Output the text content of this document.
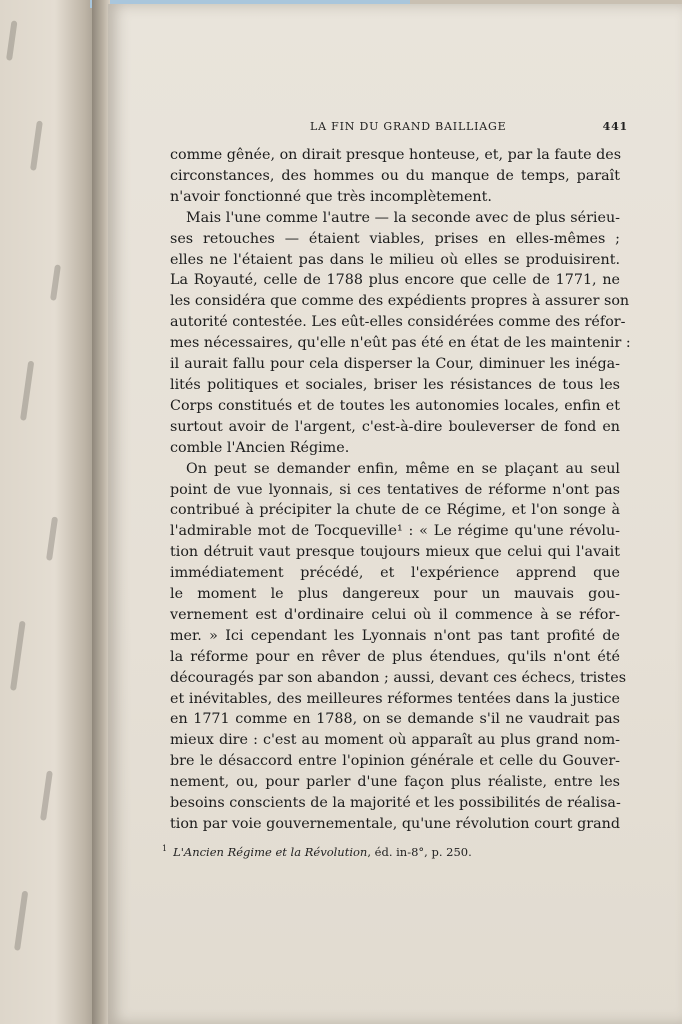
LA FIN DU GRAND BAILLIAGE	441
comme gênée, on dirait presque honteuse, et, par la faute des
circonstances, des hommes ou du manque de temps, paraît
n'avoir fonctionné que très incomplètement.
Mais l'une comme l'autre — la seconde avec de plus sérieu-
ses retouches — étaient viables, prises en elles-mêmes ;
elles ne l'étaient pas dans le milieu où elles se produisirent.
La Royauté, celle de 1788 plus encore que celle de 1771, ne
les considéra que comme des expédients propres à assurer son
autorité contestée. Les eût-elles considérées comme des réfor-
mes nécessaires, qu'elle n'eût pas été en état de les maintenir :
il aurait fallu pour cela disperser la Cour, diminuer les inéga-
lités politiques et sociales, briser les résistances de tous les
Corps constitués et de toutes les autonomies locales, enfin et
surtout avoir de l'argent, c'est-à-dire bouleverser de fond en
comble l'Ancien Régime.
On peut se demander enfin, même en se plaçant au seul
point de vue lyonnais, si ces tentatives de réforme n'ont pas
contribué à précipiter la chute de ce Régime, et l'on songe à
l'admirable mot de Tocqueville¹ : « Le régime qu'une révolu-
tion détruit vaut presque toujours mieux que celui qui l'avait
immédiatement précédé, et l'expérience apprend que
le moment le plus dangereux pour un mauvais gou-
vernement est d'ordinaire celui où il commence à se réfor-
mer. » Ici cependant les Lyonnais n'ont pas tant profité de
la réforme pour en rêver de plus étendues, qu'ils n'ont été
découragés par son abandon ; aussi, devant ces échecs, tristes
et inévitables, des meilleures réformes tentées dans la justice
en 1771 comme en 1788, on se demande s'il ne vaudrait pas
mieux dire : c'est au moment où apparaît au plus grand nom-
bre le désaccord entre l'opinion générale et celle du Gouver-
nement, ou, pour parler d'une façon plus réaliste, entre les
besoins conscients de la majorité et les possibilités de réalisa-
tion par voie gouvernementale, qu'une révolution court grand
$^1$ L'Ancien Régime et la Révolution, éd. in-8°, p. 250.
